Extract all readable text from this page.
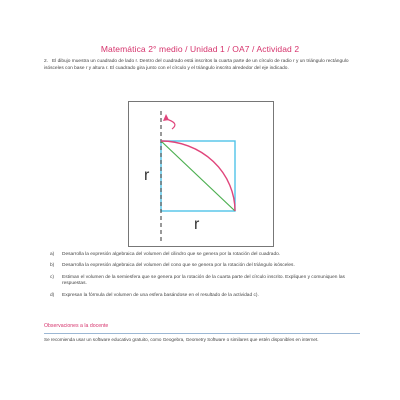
Matemática 2° medio / Unidad 1 / OA7 / Actividad 2
2. El dibujo muestra un cuadrado de lado r. Dentro del cuadrado está inscritos la cuarta parte de un círculo de radio r y un triángulo rectángulo isósceles con base r y altura r. El cuadrado gira junto con el círculo y el triángulo inscrito alrededor del eje indicado.
r
r
a)	Desarrolla la expresión algebraica del volumen del cilindro que se genera por la rotación del cuadrado.
b)	Desarrolla la expresión algebraica del volumen del cono que se genera por la rotación del triángulo isósceles.
c)	Estiman el volumen de la semiesfera que se genera por la rotación de la cuarta parte del círculo inscrito. Expliquen y comuniquen las respuestas.
d)	Expresan la fórmula del volumen de una esfera basándose en el resultado de la actividad c).
Observaciones a la docente
Se recomienda usar un software educativo gratuito, como Geogebra, Geometry Software o similares que estén disponibles en internet.
